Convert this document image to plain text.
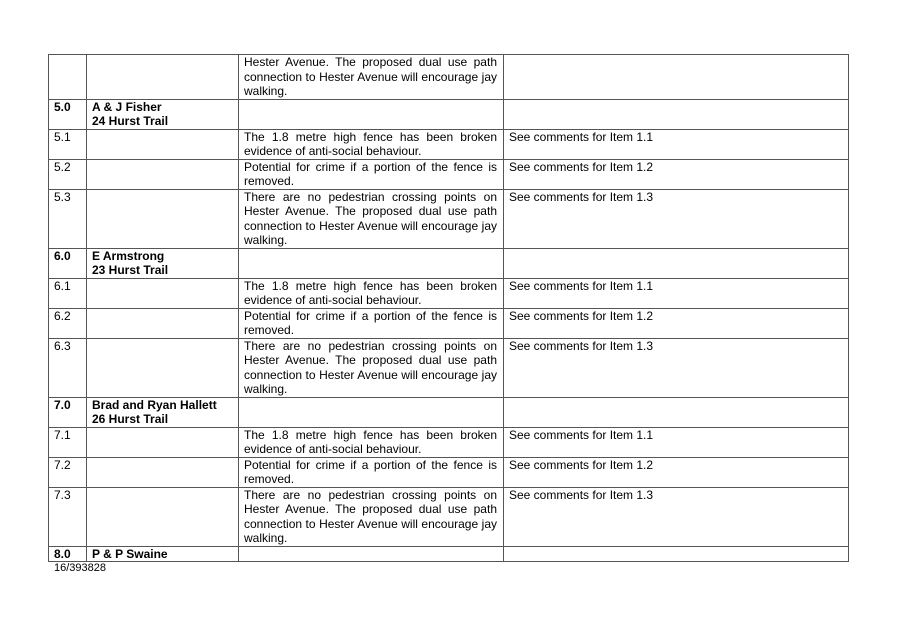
		Hester Avenue. The proposed dual use path connection to Hester Avenue will encourage jay walking.	
5.0	A & J Fisher
24 Hurst Trail		

5.1		The 1.8 metre high fence has been broken evidence of anti-social behaviour.	See comments for Item 1.1
5.2		Potential for crime if a portion of the fence is removed.	See comments for Item 1.2
5.3		There are no pedestrian crossing points on Hester Avenue. The proposed dual use path connection to Hester Avenue will encourage jay walking.	See comments for Item 1.3
6.0	E Armstrong
23 Hurst Trail		

6.1		The 1.8 metre high fence has been broken evidence of anti-social behaviour.	See comments for Item 1.1
6.2		Potential for crime if a portion of the fence is removed.	See comments for Item 1.2
6.3		There are no pedestrian crossing points on Hester Avenue. The proposed dual use path connection to Hester Avenue will encourage jay walking.	See comments for Item 1.3
7.0	Brad and Ryan Hallett
26 Hurst Trail		

7.1		The 1.8 metre high fence has been broken evidence of anti-social behaviour.	See comments for Item 1.1
7.2		Potential for crime if a portion of the fence is removed.	See comments for Item 1.2
7.3		There are no pedestrian crossing points on Hester Avenue. The proposed dual use path connection to Hester Avenue will encourage jay walking.	See comments for Item 1.3
8.0	P & P Swaine		

16/393828
